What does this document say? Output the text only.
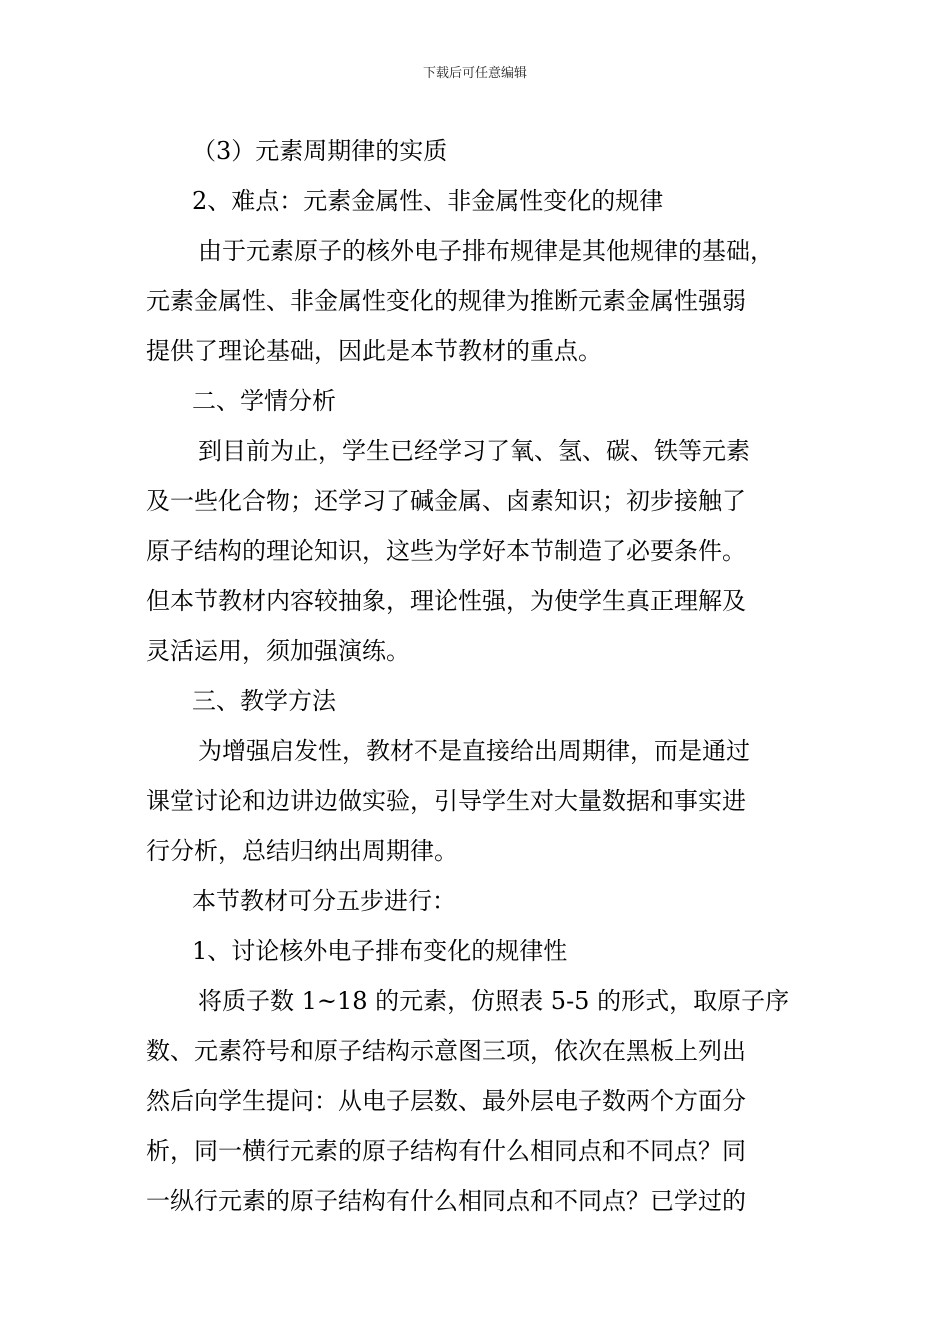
下载后可任意编辑
（3）元素周期律的实质
2、难点：元素金属性、非金属性变化的规律
由于元素原子的核外电子排布规律是其他规律的基础，
元素金属性、非金属性变化的规律为推断元素金属性强弱
提供了理论基础，因此是本节教材的重点。
二、学情分析
到目前为止，学生已经学习了氧、氢、碳、铁等元素
及一些化合物；还学习了碱金属、卤素知识；初步接触了
原子结构的理论知识，这些为学好本节制造了必要条件。
但本节教材内容较抽象，理论性强，为使学生真正理解及
灵活运用，须加强演练。
三、教学方法
为增强启发性，教材不是直接给出周期律，而是通过
课堂讨论和边讲边做实验，引导学生对大量数据和事实进
行分析，总结归纳出周期律。
本节教材可分五步进行：
1、讨论核外电子排布变化的规律性
将质子数 1~18 的元素，仿照表 5-5 的形式，取原子序
数、元素符号和原子结构示意图三项，依次在黑板上列出
然后向学生提问：从电子层数、最外层电子数两个方面分
析，同一横行元素的原子结构有什么相同点和不同点？同
一纵行元素的原子结构有什么相同点和不同点？已学过的
